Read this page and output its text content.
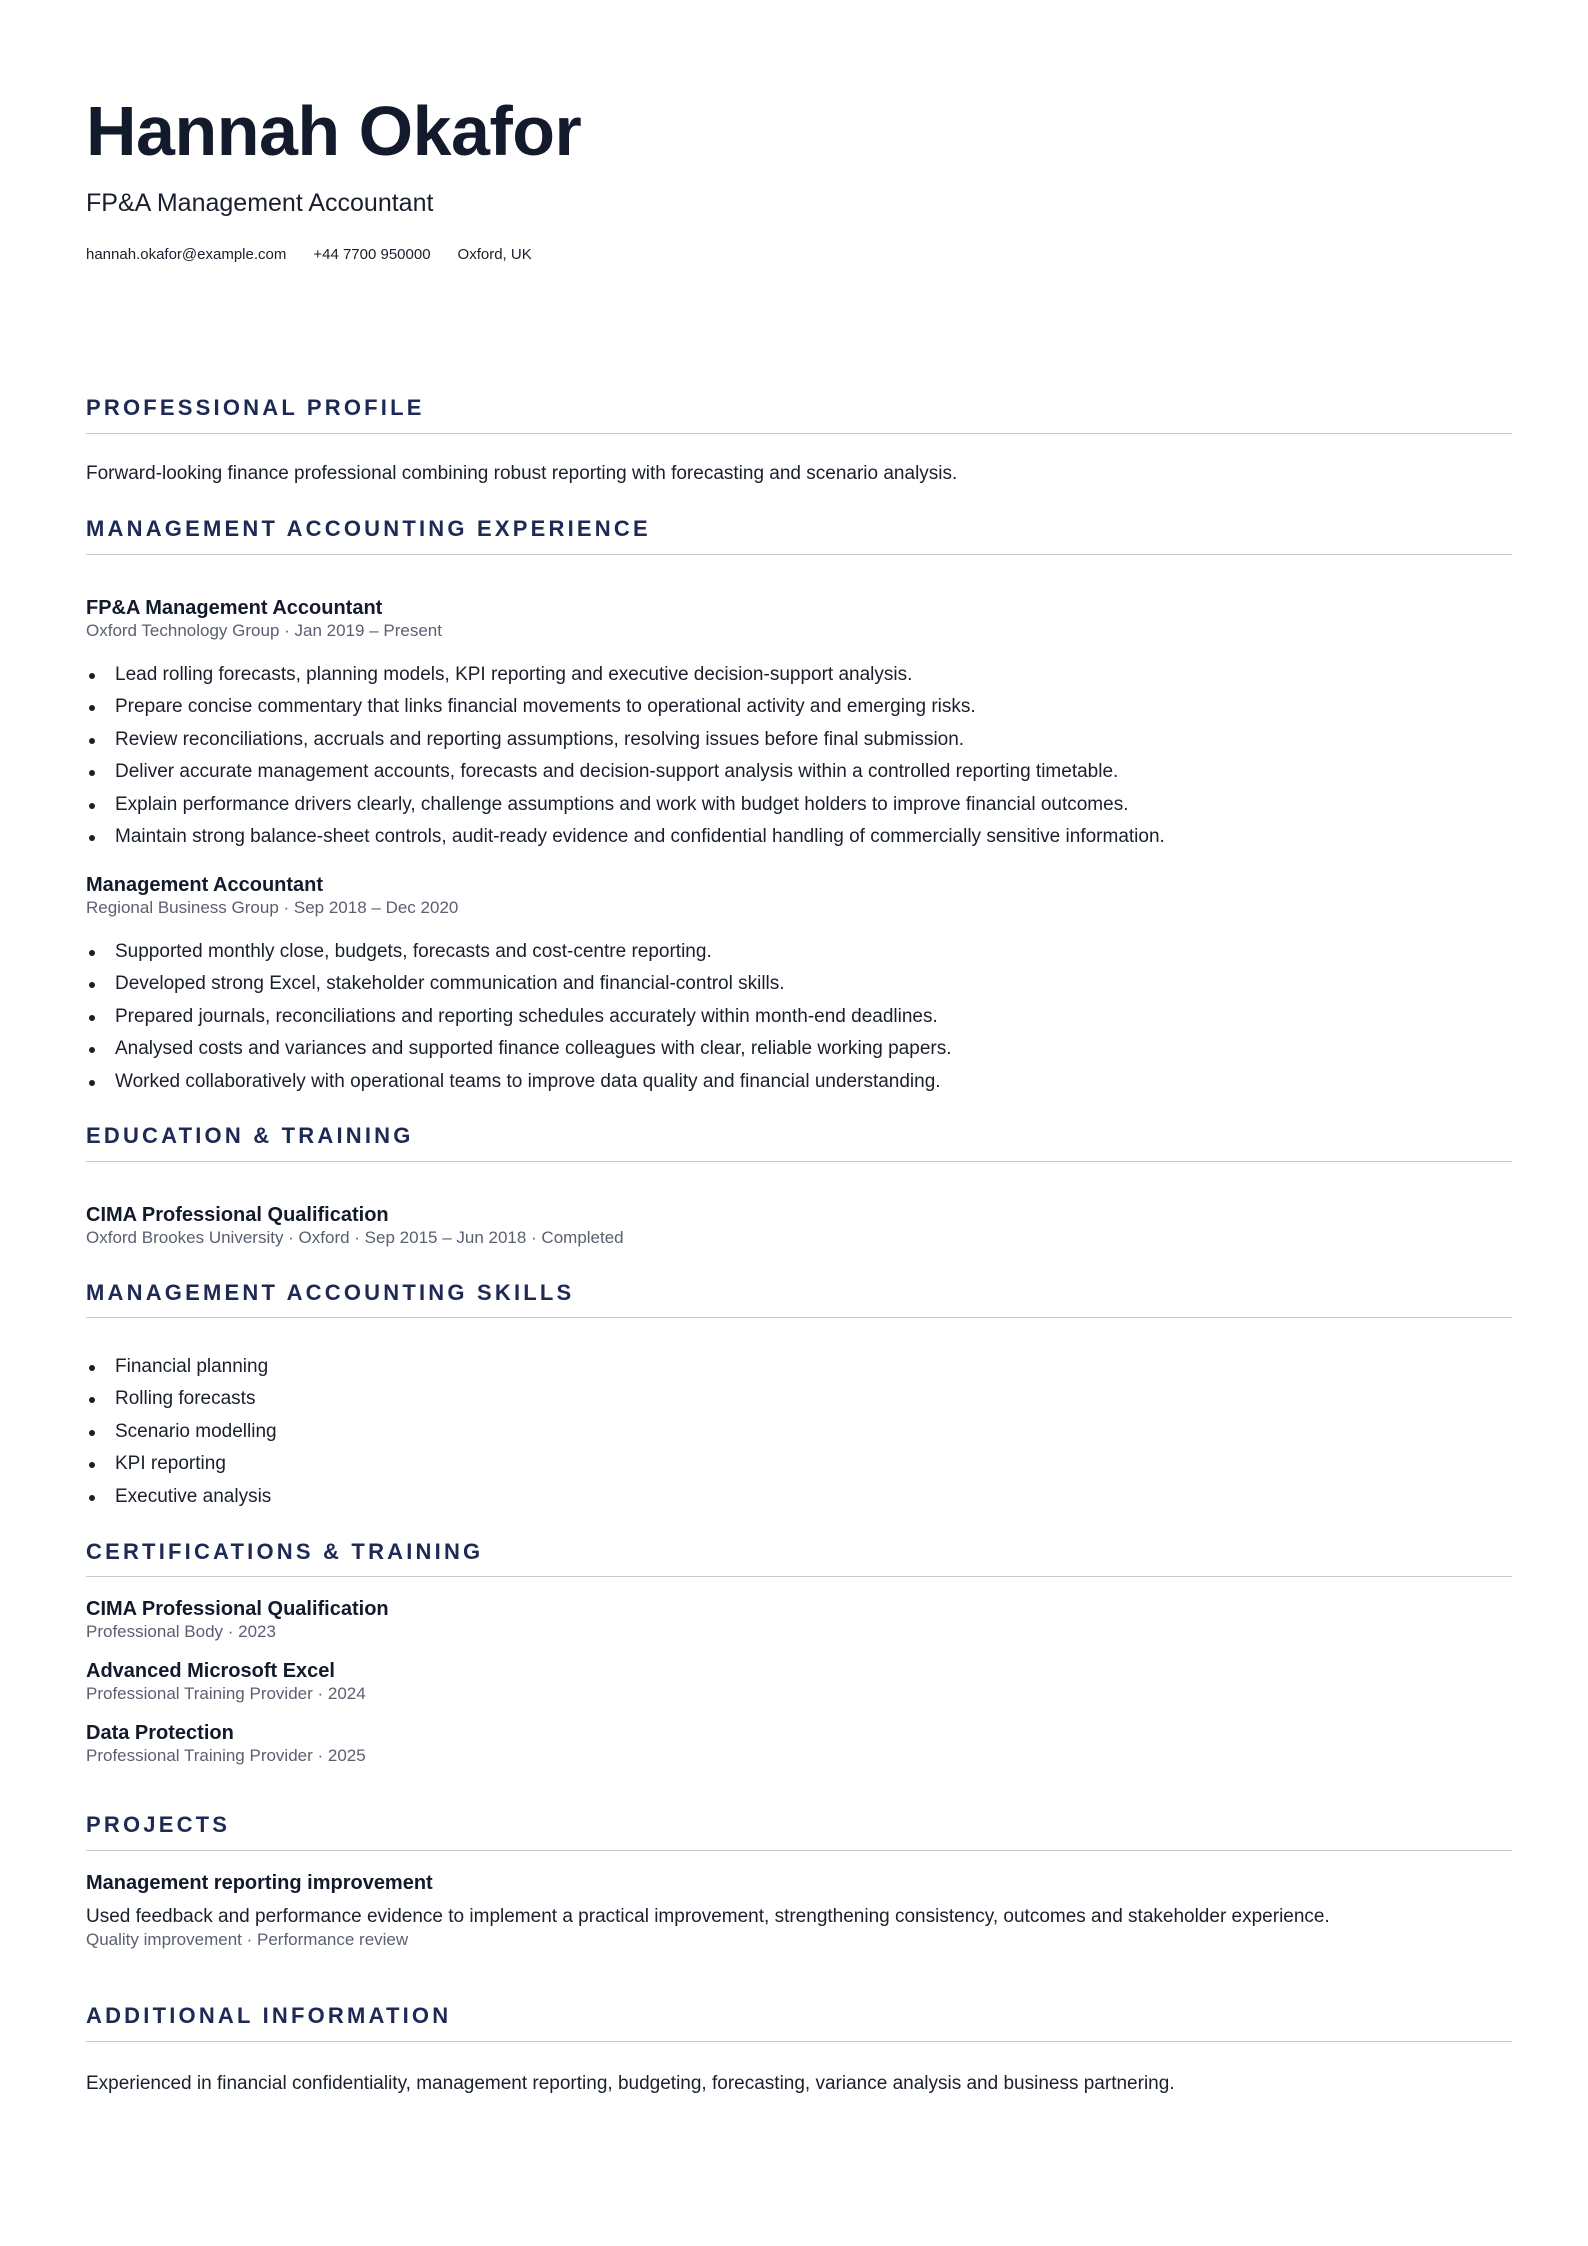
Hannah Okafor

FP&A Management Accountant

hannah.okafor@example.com +44 7700 950000 Oxford, UK
PROFESSIONAL PROFILE

Forward-looking finance professional combining robust reporting with forecasting and scenario analysis.

MANAGEMENT ACCOUNTING EXPERIENCE
FP&A Management Accountant

Oxford Technology Group · Jan 2019 – Present

Lead rolling forecasts, planning models, KPI reporting and executive decision-support analysis.
Prepare concise commentary that links financial movements to operational activity and emerging risks.
Review reconciliations, accruals and reporting assumptions, resolving issues before final submission.
Deliver accurate management accounts, forecasts and decision-support analysis within a controlled reporting timetable.
Explain performance drivers clearly, challenge assumptions and work with budget holders to improve financial outcomes.
Maintain strong balance-sheet controls, audit-ready evidence and confidential handling of commercially sensitive information.
Management Accountant

Regional Business Group · Sep 2018 – Dec 2020

Supported monthly close, budgets, forecasts and cost-centre reporting.
Developed strong Excel, stakeholder communication and financial-control skills.
Prepared journals, reconciliations and reporting schedules accurately within month-end deadlines.
Analysed costs and variances and supported finance colleagues with clear, reliable working papers.
Worked collaboratively with operational teams to improve data quality and financial understanding.
EDUCATION & TRAINING
CIMA Professional Qualification

Oxford Brookes University · Oxford · Sep 2015 – Jun 2018 · Completed

MANAGEMENT ACCOUNTING SKILLS
Financial planning
Rolling forecasts
Scenario modelling
KPI reporting
Executive analysis
CERTIFICATIONS & TRAINING
CIMA Professional Qualification

Professional Body · 2023

Advanced Microsoft Excel

Professional Training Provider · 2024

Data Protection

Professional Training Provider · 2025

PROJECTS
Management reporting improvement

Used feedback and performance evidence to implement a practical improvement, strengthening consistency, outcomes and stakeholder experience.

Quality improvement · Performance review

ADDITIONAL INFORMATION

Experienced in financial confidentiality, management reporting, budgeting, forecasting, variance analysis and business partnering.
